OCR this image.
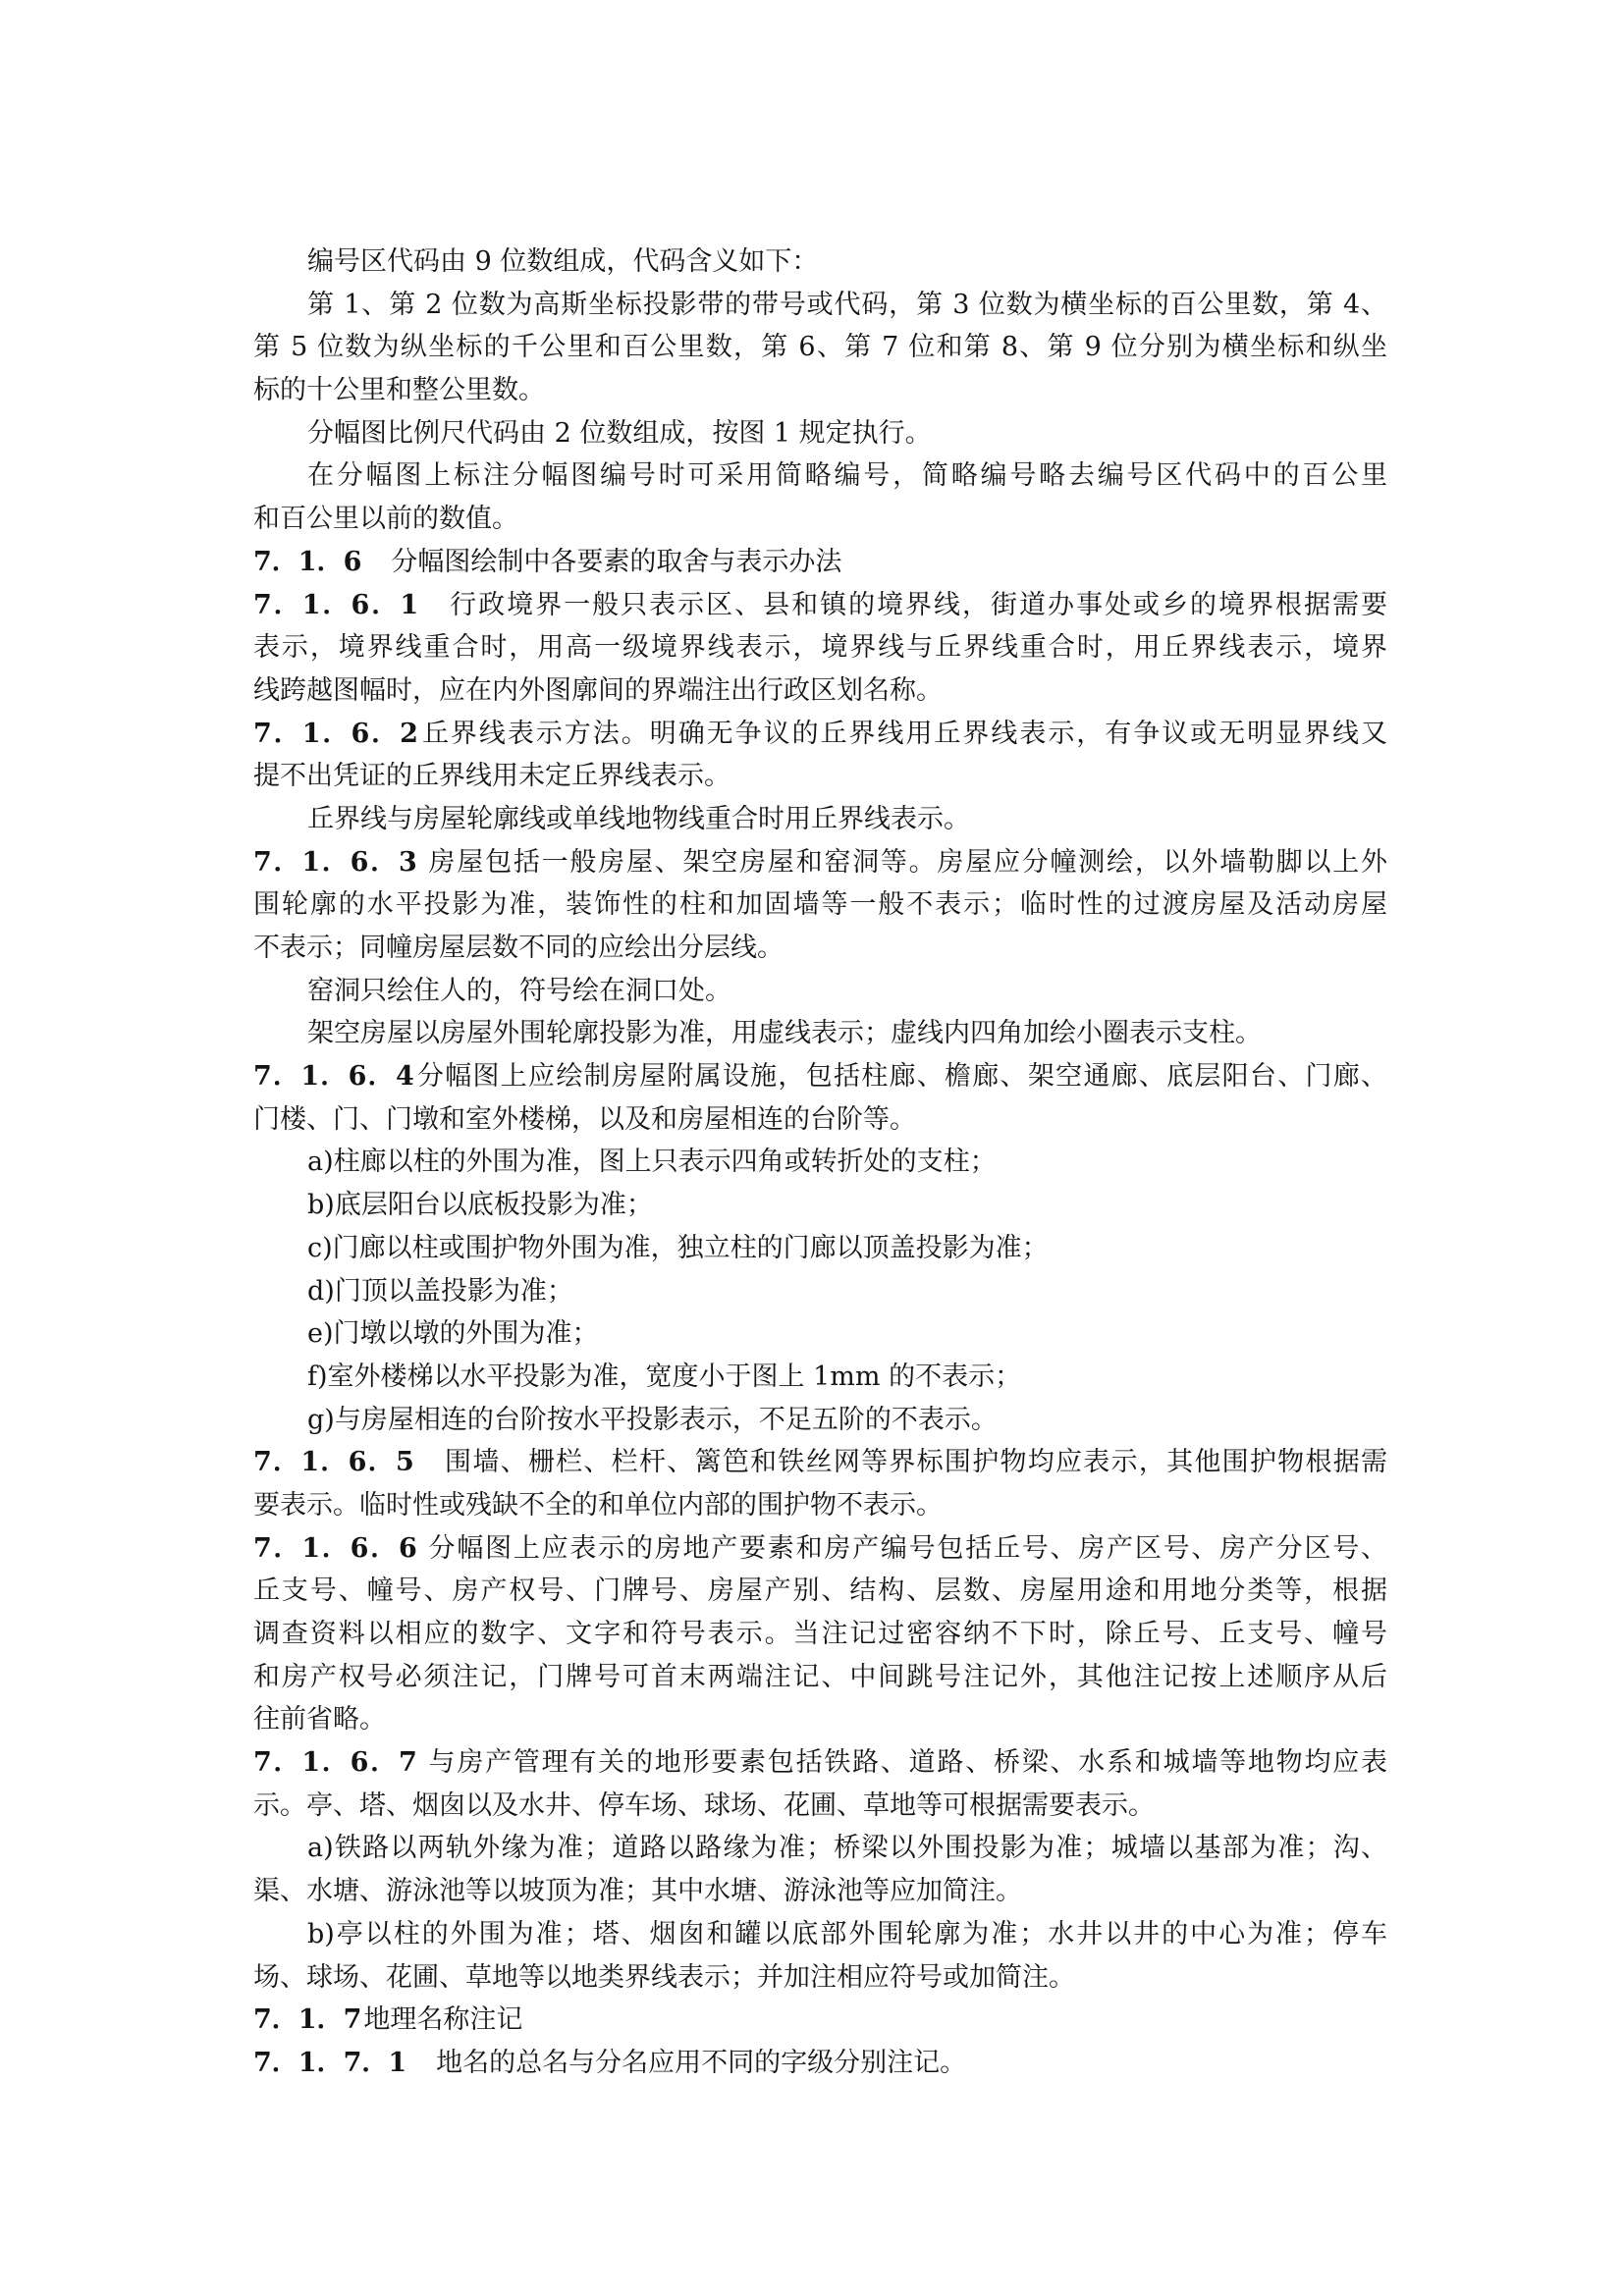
编号区代码由 9 位数组成，代码含义如下：
第 1、第 2 位数为高斯坐标投影带的带号或代码，第 3 位数为横坐标的百公里数，第 4、
第 5 位数为纵坐标的千公里和百公里数，第 6、第 7 位和第 8、第 9 位分别为横坐标和纵坐
标的十公里和整公里数。
分幅图比例尺代码由 2 位数组成，按图 1 规定执行。
在分幅图上标注分幅图编号时可采用简略编号，简略编号略去编号区代码中的百公里
和百公里以前的数值。
7．1．6 分幅图绘制中各要素的取舍与表示办法
7．1．6．1 行政境界一般只表示区、县和镇的境界线，街道办事处或乡的境界根据需要
表示，境界线重合时，用高一级境界线表示，境界线与丘界线重合时，用丘界线表示，境界
线跨越图幅时，应在内外图廓间的界端注出行政区划名称。
7．1．6．2丘界线表示方法。明确无争议的丘界线用丘界线表示，有争议或无明显界线又
提不出凭证的丘界线用未定丘界线表示。
丘界线与房屋轮廓线或单线地物线重合时用丘界线表示。
7．1．6．3 房屋包括一般房屋、架空房屋和窑洞等。房屋应分幢测绘，以外墙勒脚以上外
围轮廓的水平投影为准，装饰性的柱和加固墙等一般不表示；临时性的过渡房屋及活动房屋
不表示；同幢房屋层数不同的应绘出分层线。
窑洞只绘住人的，符号绘在洞口处。
架空房屋以房屋外围轮廓投影为准，用虚线表示；虚线内四角加绘小圈表示支柱。
7．1．6．4分幅图上应绘制房屋附属设施，包括柱廊、檐廊、架空通廊、底层阳台、门廊、
门楼、门、门墩和室外楼梯，以及和房屋相连的台阶等。
a)柱廊以柱的外围为准，图上只表示四角或转折处的支柱；
b)底层阳台以底板投影为准；
c)门廊以柱或围护物外围为准，独立柱的门廊以顶盖投影为准；
d)门顶以盖投影为准；
e)门墩以墩的外围为准；
f)室外楼梯以水平投影为准，宽度小于图上 1mm 的不表示；
g)与房屋相连的台阶按水平投影表示，不足五阶的不表示。
7．1．6．5 围墙、栅栏、栏杆、篱笆和铁丝网等界标围护物均应表示，其他围护物根据需
要表示。临时性或残缺不全的和单位内部的围护物不表示。
7．1．6．6 分幅图上应表示的房地产要素和房产编号包括丘号、房产区号、房产分区号、
丘支号、幢号、房产权号、门牌号、房屋产别、结构、层数、房屋用途和用地分类等，根据
调查资料以相应的数字、文字和符号表示。当注记过密容纳不下时，除丘号、丘支号、幢号
和房产权号必须注记，门牌号可首末两端注记、中间跳号注记外，其他注记按上述顺序从后
往前省略。
7．1．6．7 与房产管理有关的地形要素包括铁路、道路、桥梁、水系和城墙等地物均应表
示。亭、塔、烟囱以及水井、停车场、球场、花圃、草地等可根据需要表示。
a)铁路以两轨外缘为准；道路以路缘为准；桥梁以外围投影为准；城墙以基部为准；沟、
渠、水塘、游泳池等以坡顶为准；其中水塘、游泳池等应加简注。
b)亭以柱的外围为准；塔、烟囱和罐以底部外围轮廓为准；水井以井的中心为准；停车
场、球场、花圃、草地等以地类界线表示；并加注相应符号或加简注。
7．1．7地理名称注记
7．1．7．1 地名的总名与分名应用不同的字级分别注记。
